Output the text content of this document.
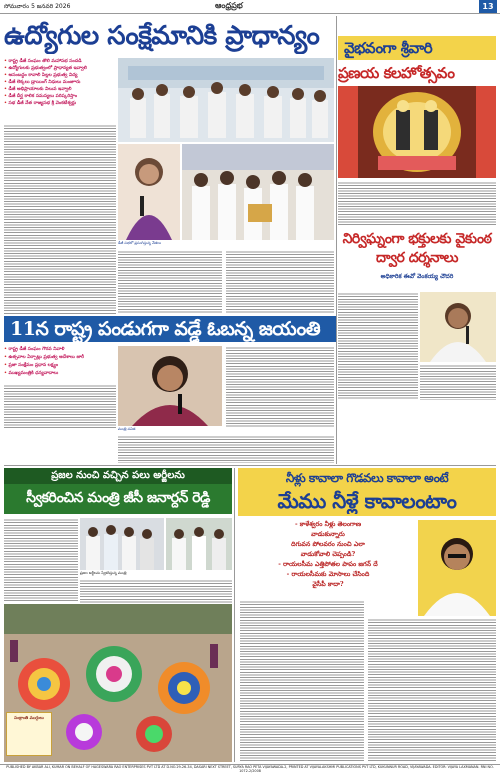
సోమవారం 5 జనవరి 2026	ఆంధ్రప్రభ	13
ఉద్యోగుల సంక్షేమానికి ప్రాధాన్యం
• రాష్ట్ర డీజీ సంఘం తొలి మహాసభ సందడి
• ఉద్యోగులకు ప్రభుత్వంలో ప్రాధాన్యత ఇవ్వాలి
• అసంబద్ధం కావాలి పిల్లల ప్రభుత్వ విద్య
• డీజీ లెక్కలు డ్రాయింగ్ నిధులు మంజూరు
• డీజీ అభిప్రాయాలకు విలువ ఇవ్వాలి
• డీజీ దీర్ఘ కాలిక సమస్యలు పరిష్కరిస్తాం
• సభ డీజీ నేత రాజ్యసభ శ్రీ వెంకటేశ్వర్లు
డీజీ సభలో ప్రసంగిస్తున్న నేతలు
వైభవంగా శ్రీవారి
ప్రణయ కలహోత్సవం
నిర్విఘ్నంగా భక్తులకు వైకుంఠ ద్వార దర్శనాలు
అధికారిక ఈవో వెంకయ్య చౌదరి
11న రాష్ట్ర పండుగగా వడ్డే ఓబన్న జయంతి
• రాష్ట్ర డీజీ సంఘం గౌరవ నివాళి
• ఉత్సవాల ఏర్పాట్లు ప్రభుత్వ ఆదేశాలు జారీ
• ప్రజా సంక్షేమం ప్రధాన లక్ష్యం
• ముఖ్యమంత్రికి ధన్యవాదాలు
మంత్రి సవిత
ప్రజల నుంచి వచ్చిన పలు అర్జీలను
స్వీకరించిన మంత్రి జీసీ జనార్దన్ రెడ్డి
ప్రజల అర్జీలను స్వీకరిస్తున్న మంత్రి
సంక్రాంతి ముగ్గులు
నీళ్లు కావాలా గొడవలు కావాలా అంటే
మేము నీళ్లే కావాలంటాం
- కాళేశ్వరం నీళ్లు తెలంగాణ
వాడుకున్నారు
దిగువన పోలవరం నుంచి ఎలా
వాడుకోవాలి చెప్పండి?
- రాయలసీమ ఎత్తిపోతల పాపం జగన్ దే
- రాయలసీమకు మోసాలు చేసింది
వైసీపీ కాదా?
PUBLISHED BY AKBAR ALI, KUMAR ON BEHALF OF HAGESWARA RAO ENTERPRISES PVT LTD AT D.NO.29-26-34, DASARI NEXT STREET, SURYA RAO PETA VIJAYAWADA-2, PRINTED AT VIJAYALAKSHMI PUBLICATIONS PVT LTD, KUKUNNUR ROAD, VIJAYAWADA. EDITOR: VIJAYA LAXMANAN. RNI NO. 1072-2/2008
